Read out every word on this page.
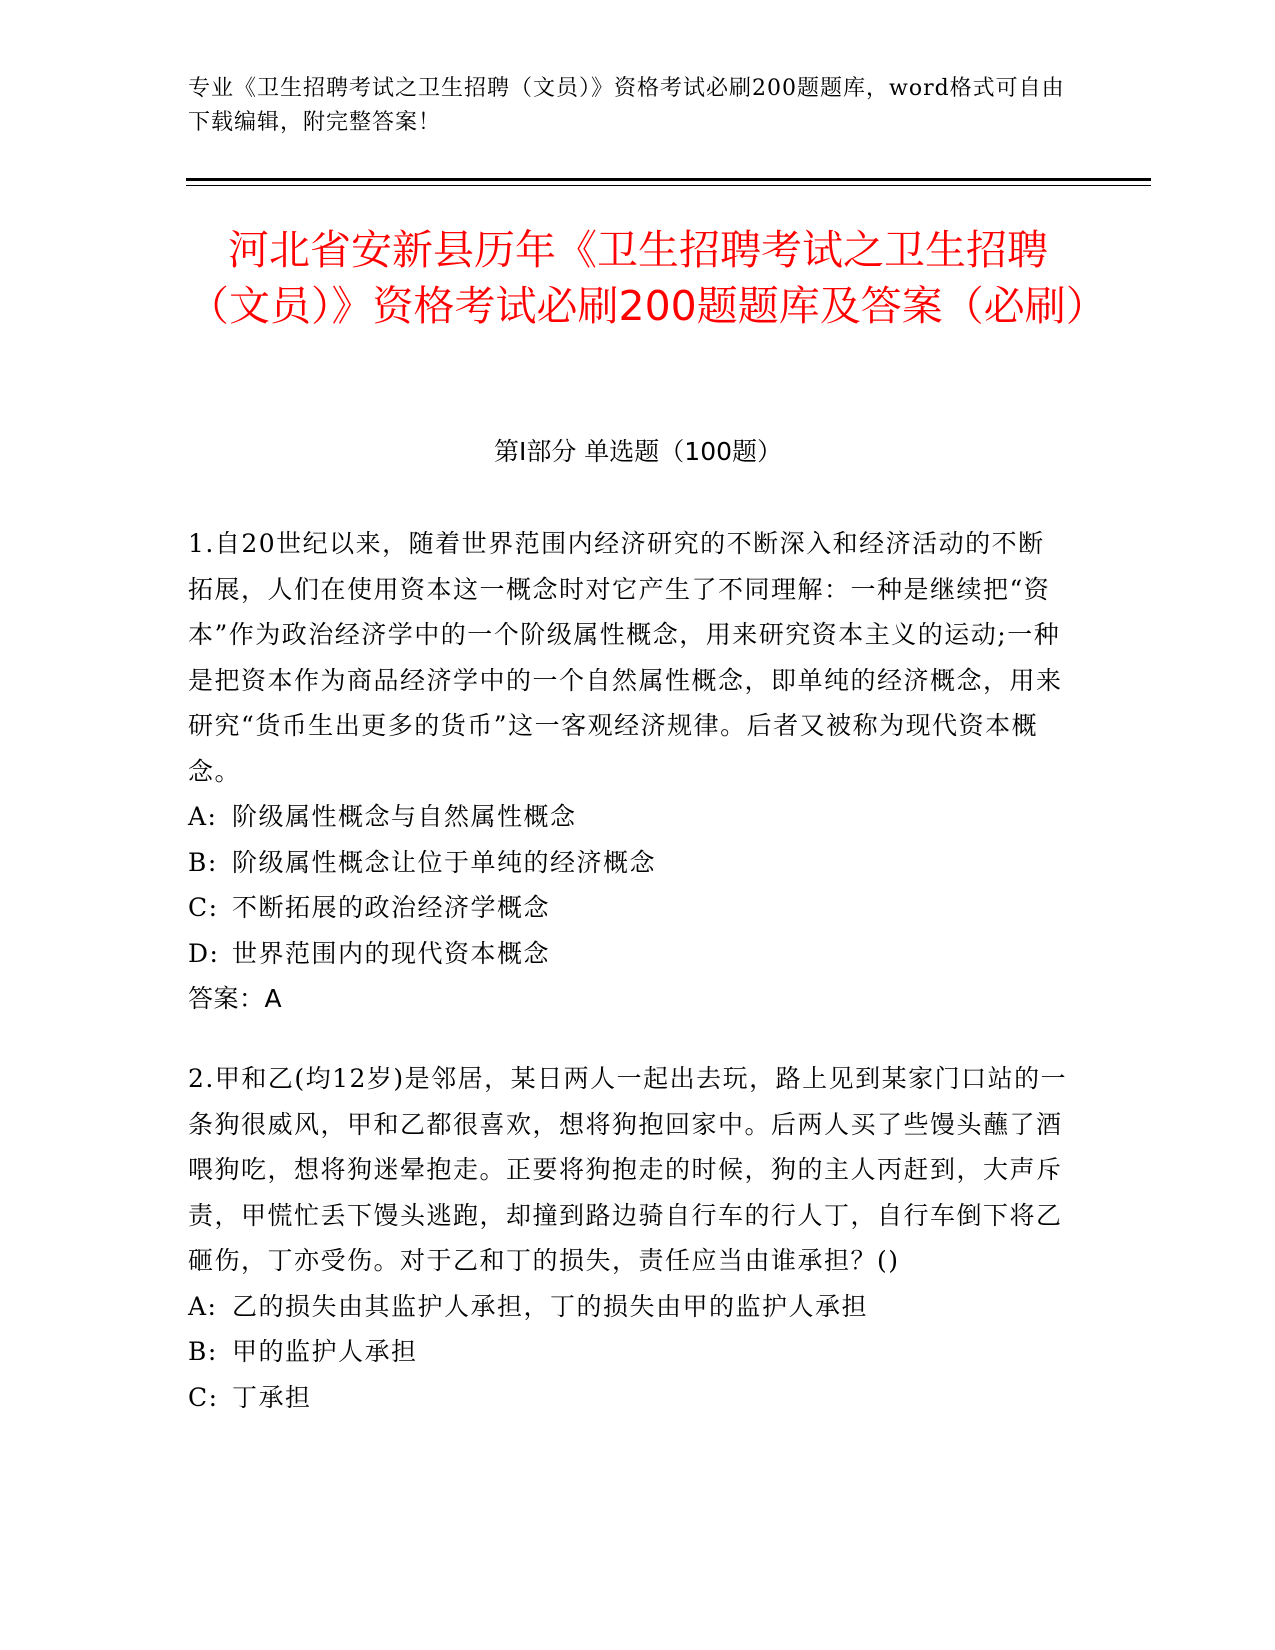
专业《卫生招聘考试之卫生招聘（文员）》资格考试必刷200题题库，word格式可自由下载编辑，附完整答案！
河北省安新县历年《卫生招聘考试之卫生招聘（文员）》资格考试必刷200题题库及答案（必刷）
第I部分 单选题（100题）

1.自20世纪以来，随着世界范围内经济研究的不断深入和经济活动的不断拓展，人们在使用资本这一概念时对它产生了不同理解：一种是继续把“资本”作为政治经济学中的一个阶级属性概念，用来研究资本主义的运动;一种是把资本作为商品经济学中的一个自然属性概念，即单纯的经济概念，用来研究“货币生出更多的货币”这一客观经济规律。后者又被称为现代资本概念。

A: 阶级属性概念与自然属性概念

B: 阶级属性概念让位于单纯的经济概念

C: 不断拓展的政治经济学概念

D: 世界范围内的现代资本概念

答案：A

2.甲和乙(均12岁)是邻居，某日两人一起出去玩，路上见到某家门口站的一条狗很威风，甲和乙都很喜欢，想将狗抱回家中。后两人买了些馒头蘸了酒喂狗吃，想将狗迷晕抱走。正要将狗抱走的时候，狗的主人丙赶到，大声斥责，甲慌忙丢下馒头逃跑，却撞到路边骑自行车的行人丁，自行车倒下将乙砸伤，丁亦受伤。对于乙和丁的损失，责任应当由谁承担？()

A: 乙的损失由其监护人承担，丁的损失由甲的监护人承担

B: 甲的监护人承担

C: 丁承担
